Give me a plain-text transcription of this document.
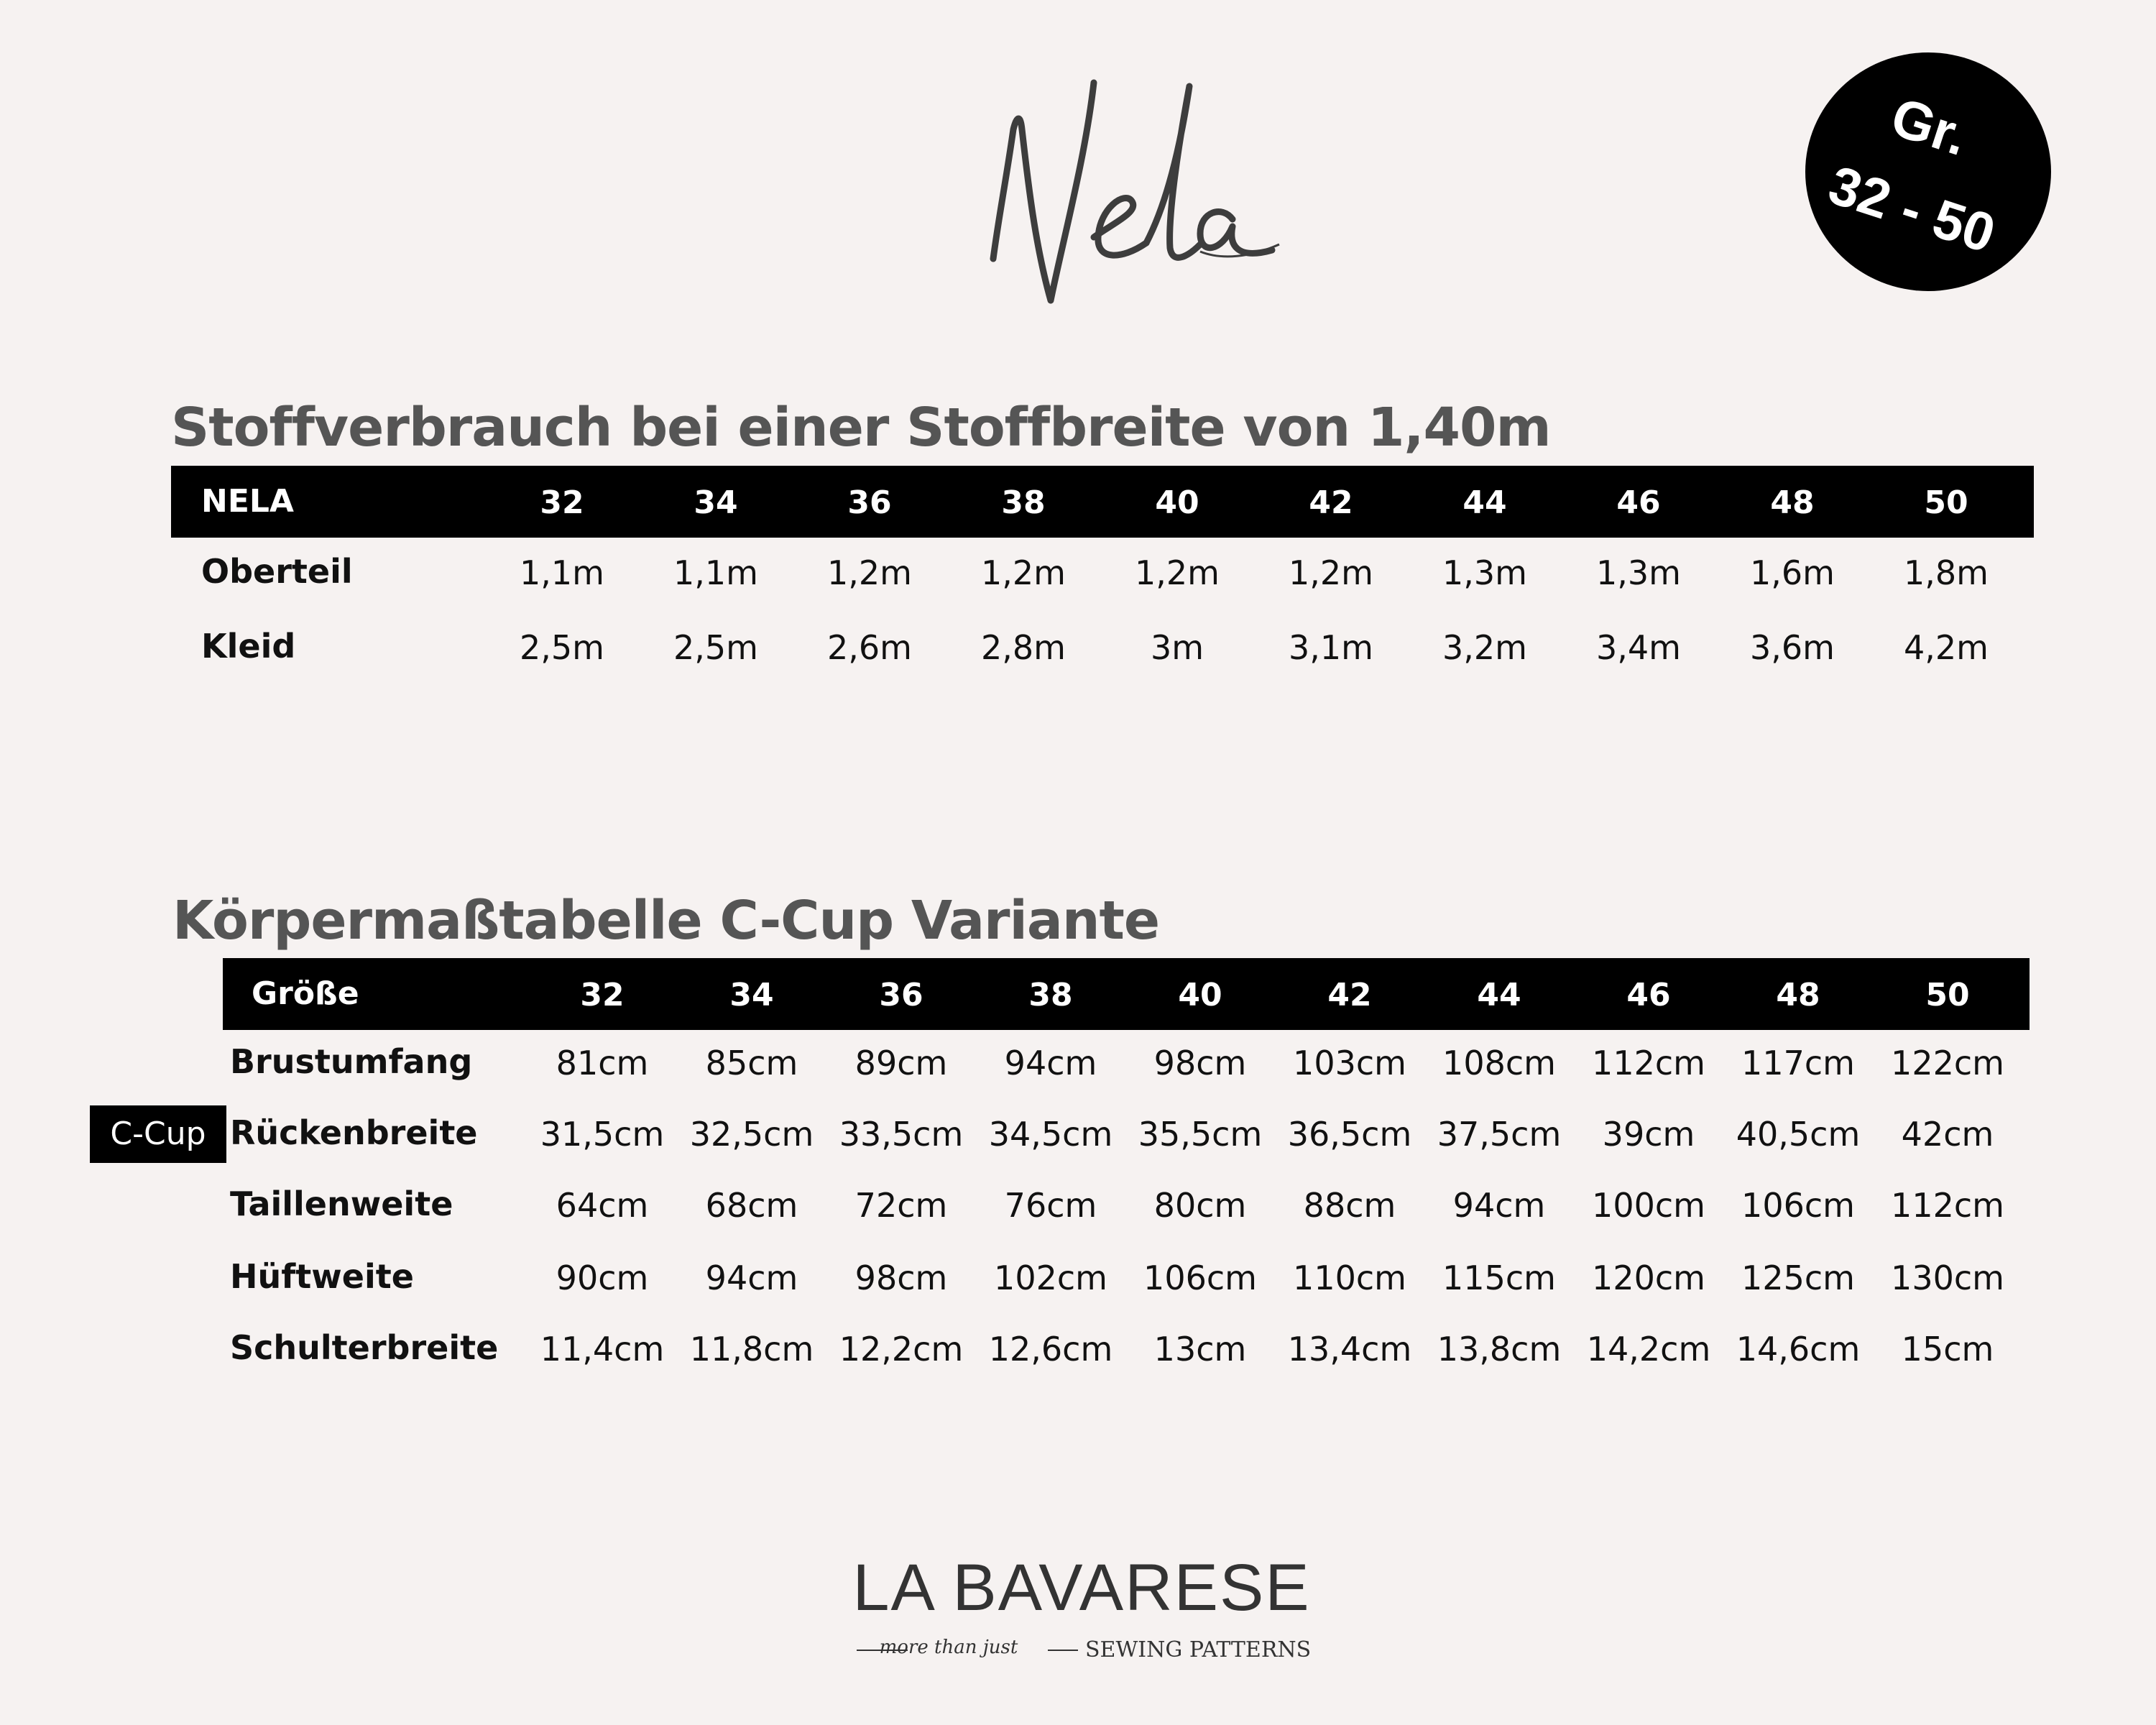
Gr.
32 - 50
Stoffverbrauch bei einer Stoffbreite von 1,40m
NELA	32	34	36	38	40	42	44	46	48	50
Oberteil	1,1m	1,1m	1,2m	1,2m	1,2m	1,2m	1,3m	1,3m	1,6m	1,8m
Kleid	2,5m	2,5m	2,6m	2,8m	3m	3,1m	3,2m	3,4m	3,6m	4,2m
Körpermaßtabelle C-Cup Variante
Größe	32	34	36	38	40	42	44	46	48	50
C-Cup
Brustumfang	81cm	85cm	89cm	94cm	98cm	103cm	108cm	112cm	117cm	122cm
Rückenbreite 31,5cm 32,5cm 33,5cm 34,5cm 35,5cm 36,5cm 37,5cm	39cm	40,5cm	42cm
Taillenweite	64cm	68cm	72cm	76cm	80cm	88cm	94cm	100cm	106cm	112cm
Hüftweite	90cm	94cm	98cm	102cm	106cm	110cm	115cm	120cm	125cm	130cm
Schulterbreite 11,4cm 11,8cm 12,2cm 12,6cm	13cm	13,4cm 13,8cm 14,2cm 14,6cm	15cm
LA BAVARESE
more than just	SEWING PATTERNS
